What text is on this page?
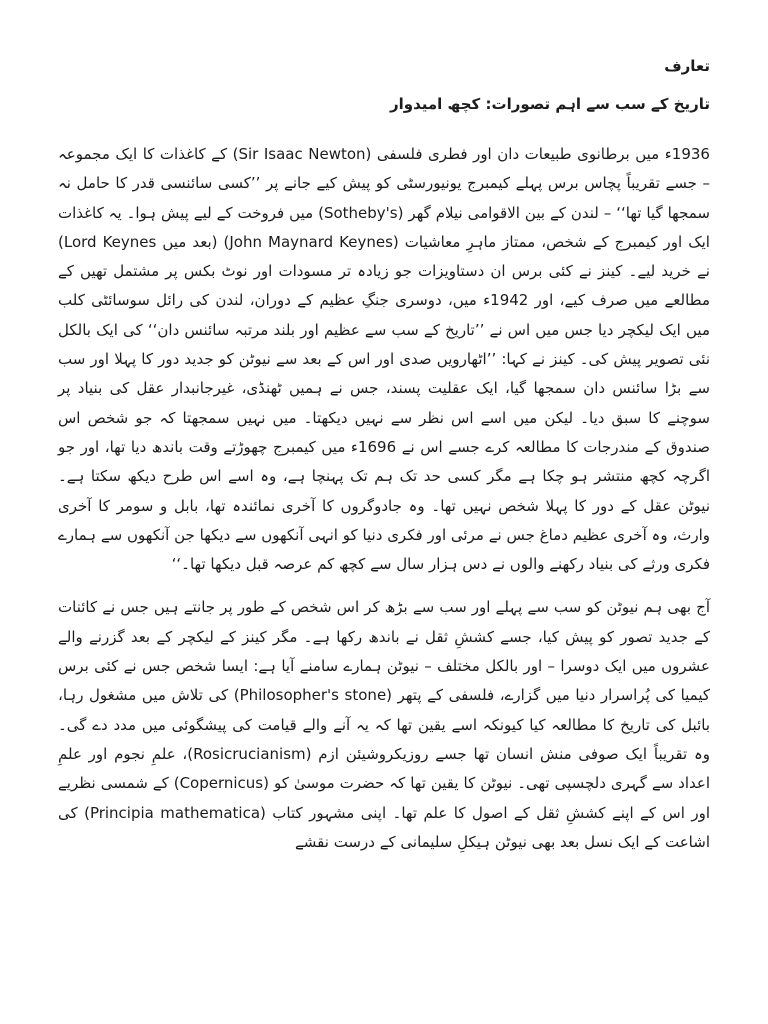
تعارف
تاریخ کے سب سے اہم تصورات: کچھ امیدوار

1936ء میں برطانوی طبیعات دان اور فطری فلسفی (Sir Isaac Newton) کے کاغذات کا ایک مجموعہ – جسے تقریباً پچاس برس پہلے کیمبرج یونیورسٹی کو پیش کیے جانے پر ’’کسی سائنسی قدر کا حامل نہ سمجھا گیا تھا‘‘ – لندن کے بین الاقوامی نیلام گھر (Sotheby's) میں فروخت کے لیے پیش ہوا۔ یہ کاغذات ایک اور کیمبرج کے شخص، ممتاز ماہرِ معاشیات (John Maynard Keynes) (بعد میں Lord Keynes) نے خرید لیے۔ کینز نے کئی برس ان دستاویزات جو زیادہ تر مسودات اور نوٹ بکس پر مشتمل تھیں کے مطالعے میں صرف کیے، اور 1942ء میں، دوسری جنگِ عظیم کے دوران، لندن کی رائل سوسائٹی کلب میں ایک لیکچر دیا جس میں اس نے ’’تاریخ کے سب سے عظیم اور بلند مرتبہ سائنس دان‘‘ کی ایک بالکل نئی تصویر پیش کی۔ کینز نے کہا: ’’اٹھارویں صدی اور اس کے بعد سے نیوٹن کو جدید دور کا پہلا اور سب سے بڑا سائنس دان سمجھا گیا، ایک عقلیت پسند، جس نے ہمیں ٹھنڈی، غیرجانبدار عقل کی بنیاد پر سوچنے کا سبق دیا۔ لیکن میں اسے اس نظر سے نہیں دیکھتا۔ میں نہیں سمجھتا کہ جو شخص اس صندوق کے مندرجات کا مطالعہ کرے جسے اس نے 1696ء میں کیمبرج چھوڑتے وقت باندھ دیا تھا، اور جو اگرچہ کچھ منتشر ہو چکا ہے مگر کسی حد تک ہم تک پہنچا ہے، وہ اسے اس طرح دیکھ سکتا ہے۔ نیوٹن عقل کے دور کا پہلا شخص نہیں تھا۔ وہ جادوگروں کا آخری نمائندہ تھا، بابل و سومر کا آخری وارث، وہ آخری عظیم دماغ جس نے مرئی اور فکری دنیا کو انہی آنکھوں سے دیکھا جن آنکھوں سے ہمارے فکری ورثے کی بنیاد رکھنے والوں نے دس ہزار سال سے کچھ کم عرصہ قبل دیکھا تھا۔‘‘

آج بھی ہم نیوٹن کو سب سے پہلے اور سب سے بڑھ کر اس شخص کے طور پر جانتے ہیں جس نے کائنات کے جدید تصور کو پیش کیا، جسے کششِ ثقل نے باندھ رکھا ہے۔ مگر کینز کے لیکچر کے بعد گزرنے والے عشروں میں ایک دوسرا – اور بالکل مختلف – نیوٹن ہمارے سامنے آیا ہے: ایسا شخص جس نے کئی برس کیمیا کی پُراسرار دنیا میں گزارے، فلسفی کے پتھر (Philosopher's stone) کی تلاش میں مشغول رہا، بائبل کی تاریخ کا مطالعہ کیا کیونکہ اسے یقین تھا کہ یہ آنے والے قیامت کی پیشگوئی میں مدد دے گی۔ وہ تقریباً ایک صوفی منش انسان تھا جسے روزیکروشیئن ازم (Rosicrucianism)، علمِ نجوم اور علمِ اعداد سے گہری دلچسپی تھی۔ نیوٹن کا یقین تھا کہ حضرت موسیٰ کو (Copernicus) کے شمسی نظریے اور اس کے اپنے کششِ ثقل کے اصول کا علم تھا۔ اپنی مشہور کتاب (Principia mathematica) کی اشاعت کے ایک نسل بعد بھی نیوٹن ہیکلِ سلیمانی کے درست نقشے
